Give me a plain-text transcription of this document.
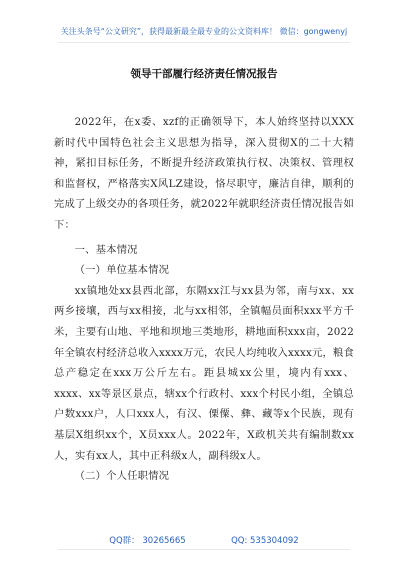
关注头条号“公文研究”，获得最新最全最专业的公文资料库！ 微信：gongwenyj
领导干部履行经济责任情况报告

2022年，在x委、xzf的正确领导下，本人始终坚持以XXX新时代中国特色社会主义思想为指导，深入贯彻X的二十大精神，紧扣目标任务，不断提升经济政策执行权、决策权、管理权和监督权，严格落实X风LZ建设，恪尽职守，廉洁自律，顺利的完成了上级交办的各项任务，就2022年就职经济责任情况报告如下：

一、基本情况

（一）单位基本情况

xx镇地处xx县西北部，东隔xx江与xx县为邻，南与xx、xx两乡接壤，西与xx相接，北与xx相邻，全镇幅员面积xxx平方千米，主要有山地、平地和坝地三类地形，耕地面积xxx亩，2022年全镇农村经济总收入xxxx万元，农民人均纯收入xxxx元，粮食总产稳定在xxx万公斤左右。距县城xx公里，境内有xxx、xxxx、xx等景区景点，辖xx个行政村、xxx个村民小组，全镇总户数xxx户，人口xxx人，有汉、傈僳、彝、藏等x个民族，现有基层X组织xx个，X员xxx人。2022年，X政机关共有编制数xx人，实有xx人，其中正科级x人，副科级x人。

（二）个人任职情况

QQ群： 30265665	QQ: 535304092
